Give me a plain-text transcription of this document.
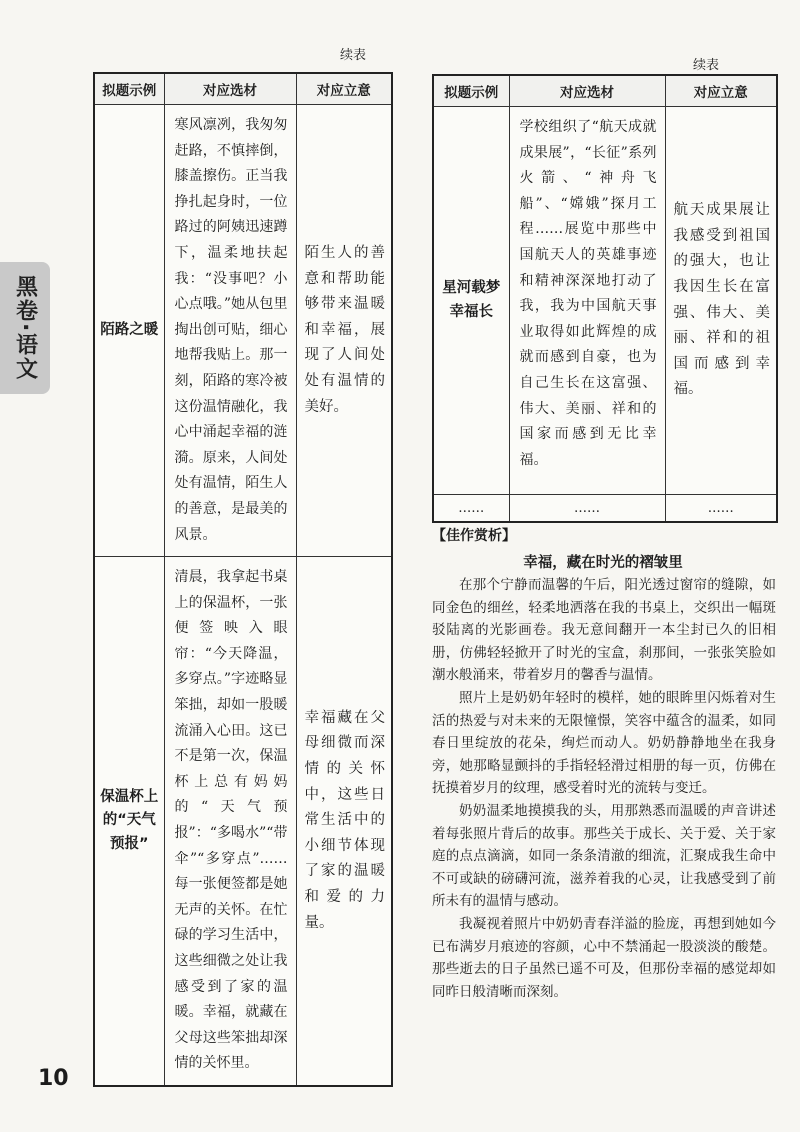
黑卷·语文
续表
续表
拟题示例	对应选材	对应立意
陌路之暖	寒风凛冽，我匆匆赶路，不慎摔倒，膝盖擦伤。正当我挣扎起身时，一位路过的阿姨迅速蹲下，温柔地扶起我：“没事吧？小心点哦。”她从包里掏出创可贴，细心地帮我贴上。那一刻，陌路的寒冷被这份温情融化，我心中涌起幸福的涟漪。原来，人间处处有温情，陌生人的善意，是最美的风景。	陌生人的善意和帮助能够带来温暖和幸福，展现了人间处处有温情的美好。
保温杯上的“天气预报”	清晨，我拿起书桌上的保温杯，一张便签映入眼帘：“今天降温，多穿点。”字迹略显笨拙，却如一股暖流涌入心田。这已不是第一次，保温杯上总有妈妈的“天气预报”：“多喝水”“带伞”“多穿点”……每一张便签都是她无声的关怀。在忙碌的学习生活中，这些细微之处让我感受到了家的温暖。幸福，就藏在父母这些笨拙却深情的关怀里。	幸福藏在父母细微而深情的关怀中，这些日常生活中的小细节体现了家的温暖和爱的力量。
拟题示例	对应选材	对应立意
星河载梦幸福长	学校组织了“航天成就成果展”，“长征”系列火箭、“神舟飞船”、“嫦娥”探月工程……展览中那些中国航天人的英雄事迹和精神深深地打动了我，我为中国航天事业取得如此辉煌的成就而感到自豪，也为自己生长在这富强、伟大、美丽、祥和的国家而感到无比幸福。	航天成果展让我感受到祖国的强大，也让我因生长在富强、伟大、美丽、祥和的祖国而感到幸福。
……	……	……
【佳作赏析】
幸福，藏在时光的褶皱里

在那个宁静而温馨的午后，阳光透过窗帘的缝隙，如同金色的细丝，轻柔地洒落在我的书桌上，交织出一幅斑驳陆离的光影画卷。我无意间翻开一本尘封已久的旧相册，仿佛轻轻掀开了时光的宝盒，刹那间，一张张笑脸如潮水般涌来，带着岁月的馨香与温情。

照片上是奶奶年轻时的模样，她的眼眸里闪烁着对生活的热爱与对未来的无限憧憬，笑容中蕴含的温柔，如同春日里绽放的花朵，绚烂而动人。奶奶静静地坐在我身旁，她那略显颤抖的手指轻轻滑过相册的每一页，仿佛在抚摸着岁月的纹理，感受着时光的流转与变迁。

奶奶温柔地摸摸我的头，用那熟悉而温暖的声音讲述着每张照片背后的故事。那些关于成长、关于爱、关于家庭的点点滴滴，如同一条条清澈的细流，汇聚成我生命中不可或缺的磅礴河流，滋养着我的心灵，让我感受到了前所未有的温情与感动。

我凝视着照片中奶奶青春洋溢的脸庞，再想到她如今已布满岁月痕迹的容颜，心中不禁涌起一股淡淡的酸楚。那些逝去的日子虽然已遥不可及，但那份幸福的感觉却如同昨日般清晰而深刻。

10
